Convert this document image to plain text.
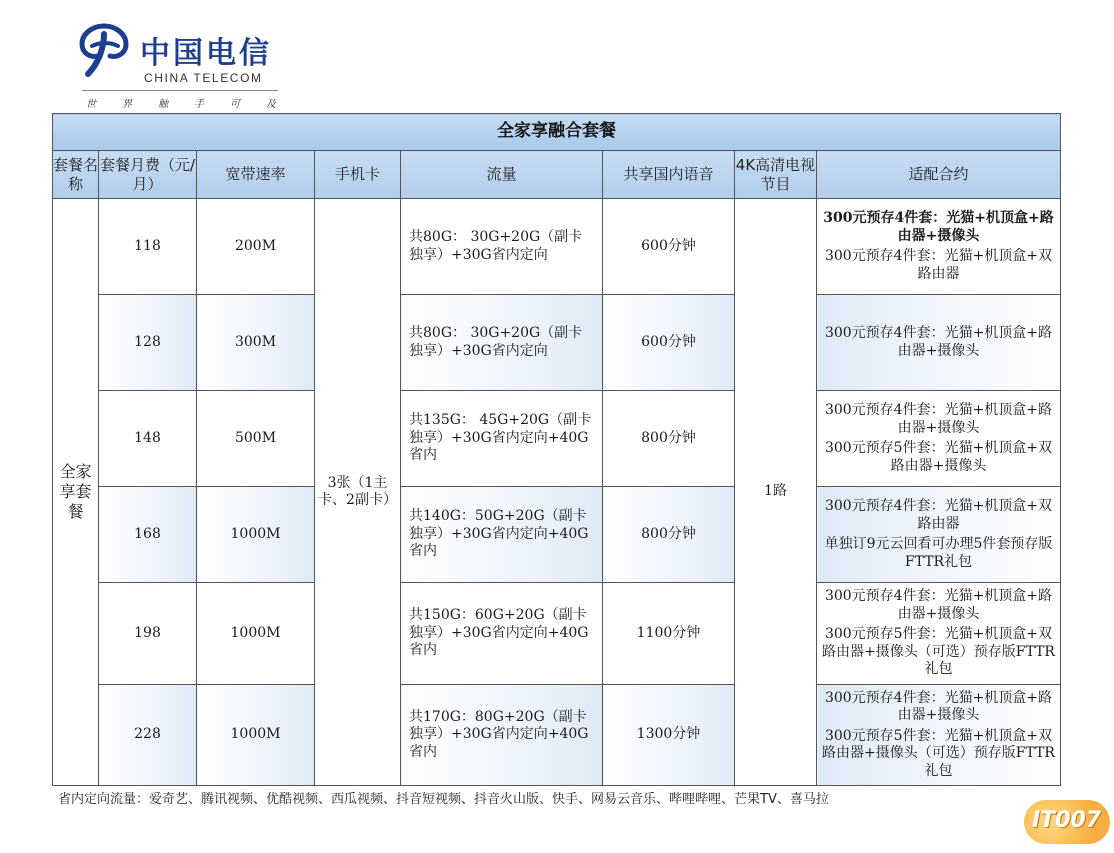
中国电信
CHINA TELECOM
世	界	触	手	可	及
全家享融合套餐							
套餐名称	套餐月费（元/月）	宽带速率	手机卡	流量	共享国内语音	4K高清电视节目	适配合约
全家享套餐	118	200M	3张（1主卡、2副卡）	共80G： 30G+20G（副卡独享）+30G省内定向	600分钟	1路	300元预存4件套：光猫+机顶盒+路由器+摄像头

300元预存4件套：光猫+机顶盒+双路由器

	128	300M		共80G： 30G+20G（副卡独享）+30G省内定向	600分钟		300元预存4件套：光猫+机顶盒+路由器+摄像头

	148	500M		共135G： 45G+20G（副卡独享）+30G省内定向+40G省内	800分钟		300元预存4件套：光猫+机顶盒+路由器+摄像头

300元预存5件套：光猫+机顶盒+双路由器+摄像头

	168	1000M		共140G：50G+20G（副卡独享）+30G省内定向+40G省内	800分钟		300元预存4件套：光猫+机顶盒+双路由器

单独订9元云回看可办理5件套预存版FTTR礼包

	198	1000M		共150G：60G+20G（副卡独享）+30G省内定向+40G省内	1100分钟		300元预存4件套：光猫+机顶盒+路由器+摄像头

300元预存5件套：光猫+机顶盒+双路由器+摄像头（可选）预存版FTTR礼包

	228	1000M		共170G：80G+20G（副卡独享）+30G省内定向+40G省内	1300分钟		300元预存4件套：光猫+机顶盒+路由器+摄像头

300元预存5件套：光猫+机顶盒+双路由器+摄像头（可选）预存版FTTR礼包

省内定向流量：爱奇艺、腾讯视频、优酷视频、西瓜视频、抖音短视频、抖音火山版、快手、网易云音乐、哔哩哔哩、芒果TV、喜马拉
IT007
